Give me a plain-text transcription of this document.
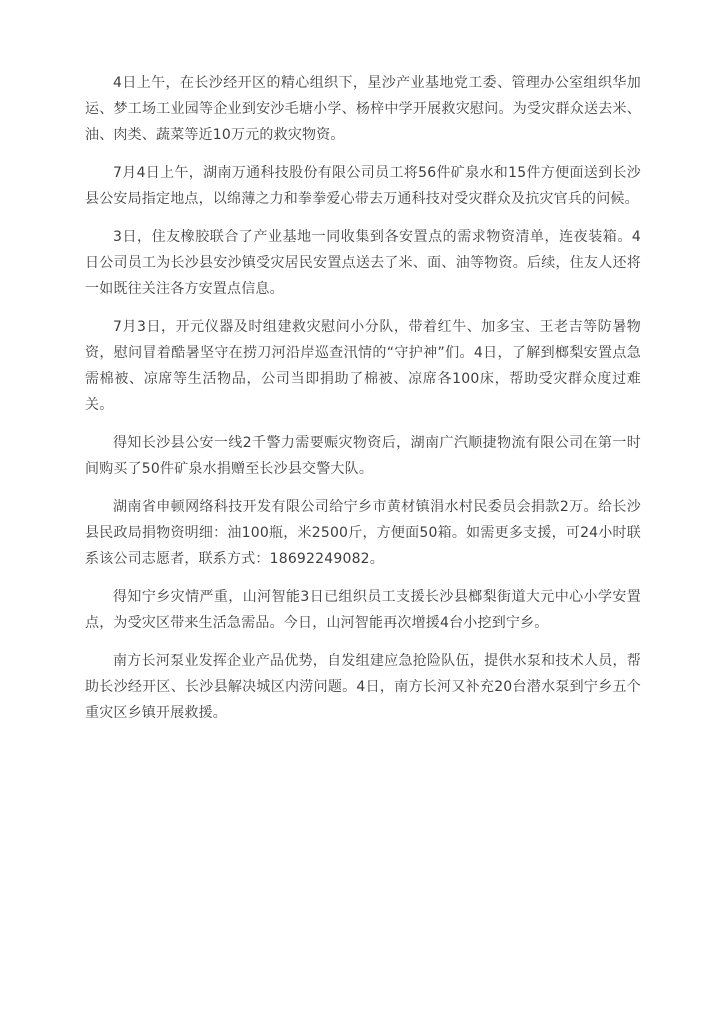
4日上午，在长沙经开区的精心组织下，星沙产业基地党工委、管理办公室组织华加运、梦工场工业园等企业到安沙毛塘小学、杨梓中学开展救灾慰问。为受灾群众送去米、油、肉类、蔬菜等近10万元的救灾物资。

7月4日上午，湖南万通科技股份有限公司员工将56件矿泉水和15件方便面送到长沙县公安局指定地点，以绵薄之力和拳拳爱心带去万通科技对受灾群众及抗灾官兵的问候。

3日，住友橡胶联合了产业基地一同收集到各安置点的需求物资清单，连夜装箱。4日公司员工为长沙县安沙镇受灾居民安置点送去了米、面、油等物资。后续，住友人还将一如既往关注各方安置点信息。

7月3日，开元仪器及时组建救灾慰问小分队，带着红牛、加多宝、王老吉等防暑物资，慰问冒着酷暑坚守在捞刀河沿岸巡查汛情的“守护神”们。4日，了解到榔梨安置点急需棉被、凉席等生活物品，公司当即捐助了棉被、凉席各100床，帮助受灾群众度过难关。

得知长沙县公安一线2千警力需要赈灾物资后，湖南广汽顺捷物流有限公司在第一时间购买了50件矿泉水捐赠至长沙县交警大队。

湖南省申顿网络科技开发有限公司给宁乡市黄材镇涓水村民委员会捐款2万。给长沙县民政局捐物资明细：油100瓶，米2500斤，方便面50箱。如需更多支援，可24小时联系该公司志愿者，联系方式：18692249082。

得知宁乡灾情严重，山河智能3日已组织员工支援长沙县榔梨街道大元中心小学安置点，为受灾区带来生活急需品。今日，山河智能再次增援4台小挖到宁乡。

南方长河泵业发挥企业产品优势，自发组建应急抢险队伍，提供水泵和技术人员，帮助长沙经开区、长沙县解决城区内涝问题。4日，南方长河又补充20台潜水泵到宁乡五个重灾区乡镇开展救援。
